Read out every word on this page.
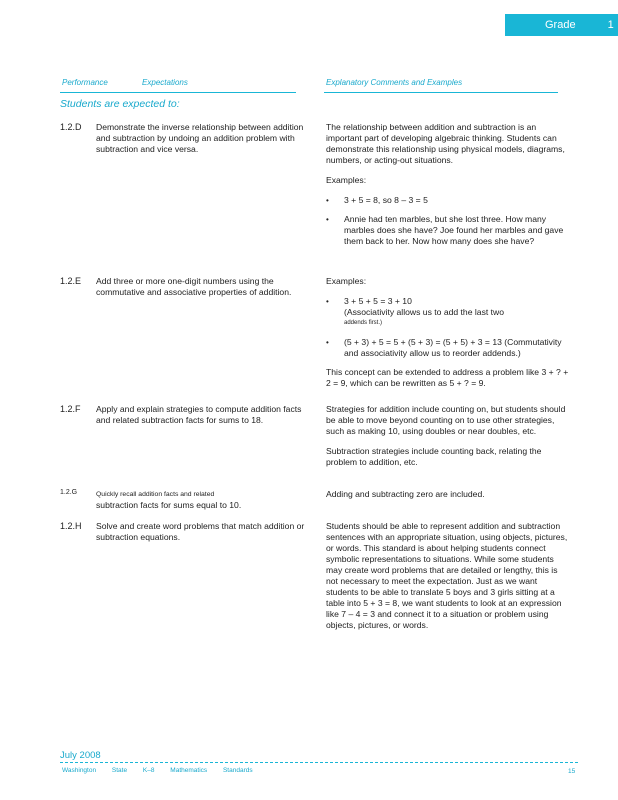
Grade	1
Performance	Expectations	Explanatory Comments and Examples
Students are expected to:
1.2.D Demonstrate the inverse relationship between addition and subtraction by undoing an addition problem with subtraction and vice versa.

The relationship between addition and subtraction is an important part of developing algebraic thinking. Students can demonstrate this relationship using physical models, diagrams, numbers, or acting-out situations.

Examples:

• 3 + 5 = 8, so 8 – 3 = 5
• Annie had ten marbles, but she lost three. How many marbles does she have? Joe found her marbles and gave them back to her. Now how many does she have?
1.2.E Add three or more one-digit numbers using the commutative and associative properties of addition.

Examples:

• 3 + 5 + 5 = 3 + 10
(Associativity allows us to add the last two
addends first.)
• (5 + 3) + 5 = 5 + (5 + 3) = (5 + 5) + 3 = 13 (Commutativity and associativity allow us to reorder addends.)

This concept can be extended to address a problem like 3 + ? + 2 = 9, which can be rewritten as 5 + ? = 9.

1.2.F Apply and explain strategies to compute addition facts and related subtraction facts for sums to 18.

Strategies for addition include counting on, but students should be able to move beyond counting on to use other strategies, such as making 10, using doubles or near doubles, etc.

Subtraction strategies include counting back, relating the problem to addition, etc.

1.2.G	Quickly recall addition facts and related
subtraction facts for sums equal to 10.

Adding and subtracting zero are included.

1.2.H Solve and create word problems that match addition or subtraction equations.

Students should be able to represent addition and subtraction sentences with an appropriate situation, using objects, pictures, or words. This standard is about helping students connect symbolic representations to situations. While some students may create word problems that are detailed or lengthy, this is not necessary to meet the expectation. Just as we want students to be able to translate 5 boys and 3 girls sitting at a table into 5 + 3 = 8, we want students to look at an expression like 7 – 4 = 3 and connect it to a situation or problem using objects, pictures, or words.

July 2008
Washington State K–8 Mathematics Standards	15
